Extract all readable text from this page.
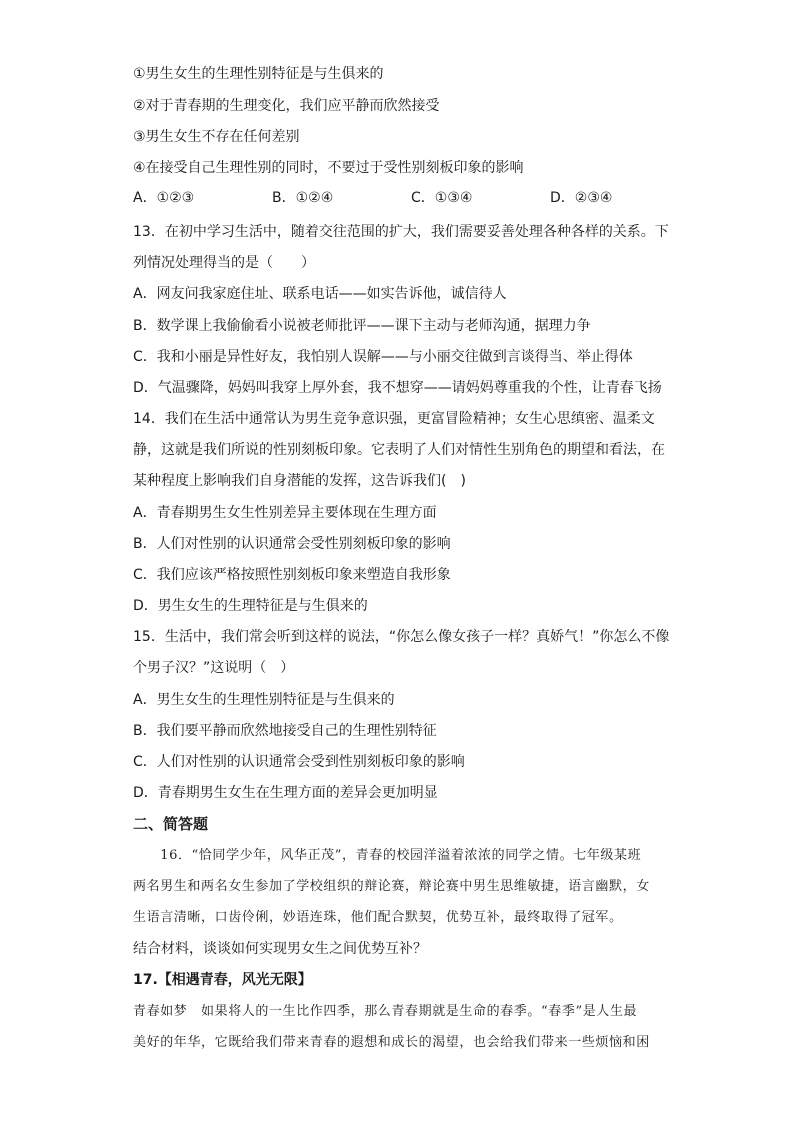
①男生女生的生理性别特征是与生俱来的
②对于青春期的生理变化，我们应平静而欣然接受
③男生女生不存在任何差别
④在接受自己生理性别的同时，不要过于受性别刻板印象的影响
A．①②③	B．①②④	C．①③④	D．②③④
13．在初中学习生活中，随着交往范围的扩大，我们需要妥善处理各种各样的关系。下
列情况处理得当的是（　　）
A．网友问我家庭住址、联系电话——如实告诉他，诚信待人
B．数学课上我偷偷看小说被老师批评——课下主动与老师沟通，据理力争
C．我和小丽是异性好友，我怕别人误解——与小丽交往做到言谈得当、举止得体
D．气温骤降，妈妈叫我穿上厚外套，我不想穿——请妈妈尊重我的个性，让青春飞扬
14．我们在生活中通常认为男生竞争意识强，更富冒险精神；女生心思缜密、温柔文
静，这就是我们所说的性别刻板印象。它表明了人们对情性生别角色的期望和看法，在
某种程度上影响我们自身潜能的发挥，这告诉我们(　)
A．青春期男生女生性别差异主要体现在生理方面
B．人们对性别的认识通常会受性别刻板印象的影响
C．我们应该严格按照性别刻板印象来塑造自我形象
D．男生女生的生理特征是与生俱来的
15．生活中，我们常会听到这样的说法，“你怎么像女孩子一样？真娇气！”你怎么不像
个男子汉？”这说明（　）
A．男生女生的生理性别特征是与生俱来的
B．我们要平静而欣然地接受自己的生理性别特征
C．人们对性别的认识通常会受到性别刻板印象的影响
D．青春期男生女生在生理方面的差异会更加明显
二、简答题
　　16．“恰同学少年，风华正茂”，青春的校园洋溢着浓浓的同学之情。七年级某班
两名男生和两名女生参加了学校组织的辩论赛，辩论赛中男生思维敏捷，语言幽默，女
生语言清晰，口齿伶俐，妙语连珠，他们配合默契，优势互补，最终取得了冠军。
结合材料，谈谈如何实现男女生之间优势互补？
17.【相遇青春，风光无限】
青春如梦　如果将人的一生比作四季，那么青春期就是生命的春季。“春季”是人生最
美好的年华，它既给我们带来青春的遐想和成长的渴望，也会给我们带来一些烦恼和困
